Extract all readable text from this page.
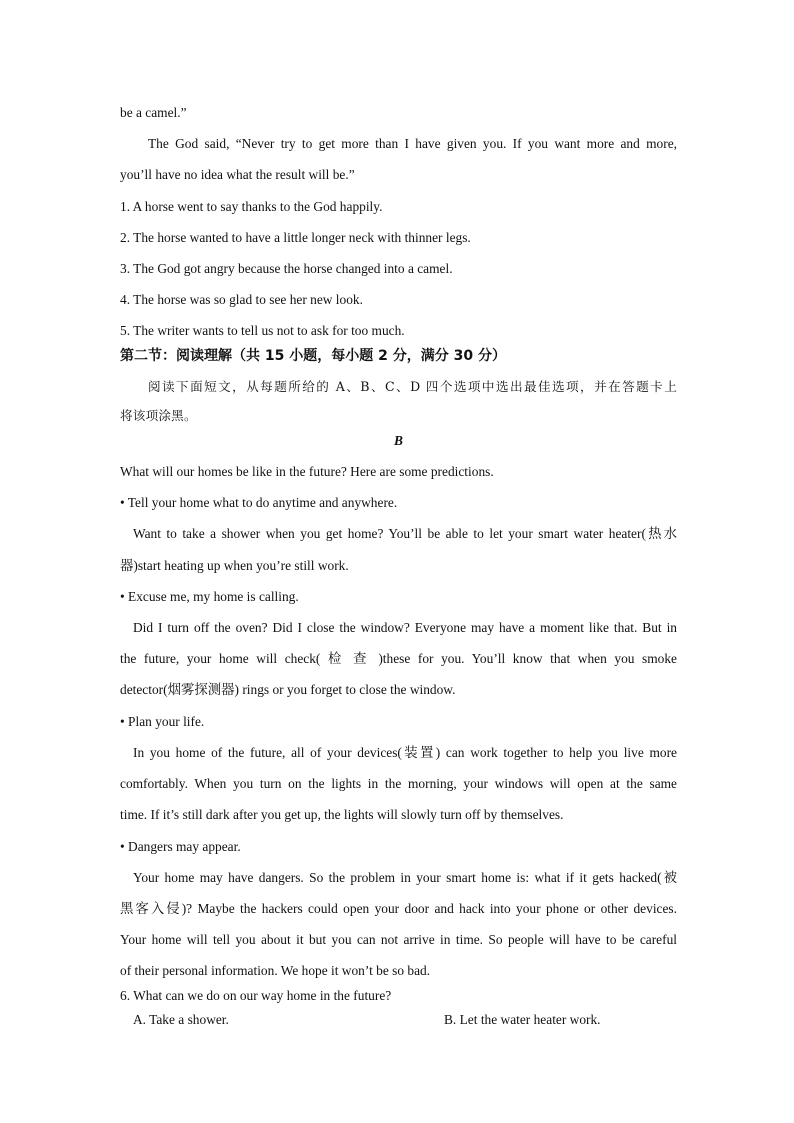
be a camel.”
The God said, “Never try to get more than I have given you. If you want more and more,
you’ll have no idea what the result will be.”
1. A horse went to say thanks to the God happily.
2. The horse wanted to have a little longer neck with thinner legs.
3. The God got angry because the horse changed into a camel.
4. The horse was so glad to see her new look.
5. The writer wants to tell us not to ask for too much.
第二节：阅读理解（共 15 小题，每小题 2 分，满分 30 分）
阅读下面短文，从每题所给的 A、B、C、D 四个选项中选出最佳选项，并在答题卡上
将该项涂黑。
B
What will our homes be like in the future? Here are some predictions.
• Tell your home what to do anytime and anywhere.
Want to take a shower when you get home? You’ll be able to let your smart water heater(热水
器)start heating up when you’re still work.
• Excuse me, my home is calling.
Did I turn off the oven? Did I close the window? Everyone may have a moment like that. But in
the future, your home will check( 检 查 )these for you. You’ll know that when you smoke
detector(烟雾探测器) rings or you forget to close the window.
• Plan your life.
In you home of the future, all of your devices(装置) can work together to help you live more
comfortably. When you turn on the lights in the morning, your windows will open at the same
time. If it’s still dark after you get up, the lights will slowly turn off by themselves.
• Dangers may appear.
Your home may have dangers. So the problem in your smart home is: what if it gets hacked(被
黑客入侵)? Maybe the hackers could open your door and hack into your phone or other devices.
Your home will tell you about it but you can not arrive in time. So people will have to be careful
of their personal information. We hope it won’t be so bad.
6. What can we do on our way home in the future?
A. Take a shower.	B. Let the water heater work.
